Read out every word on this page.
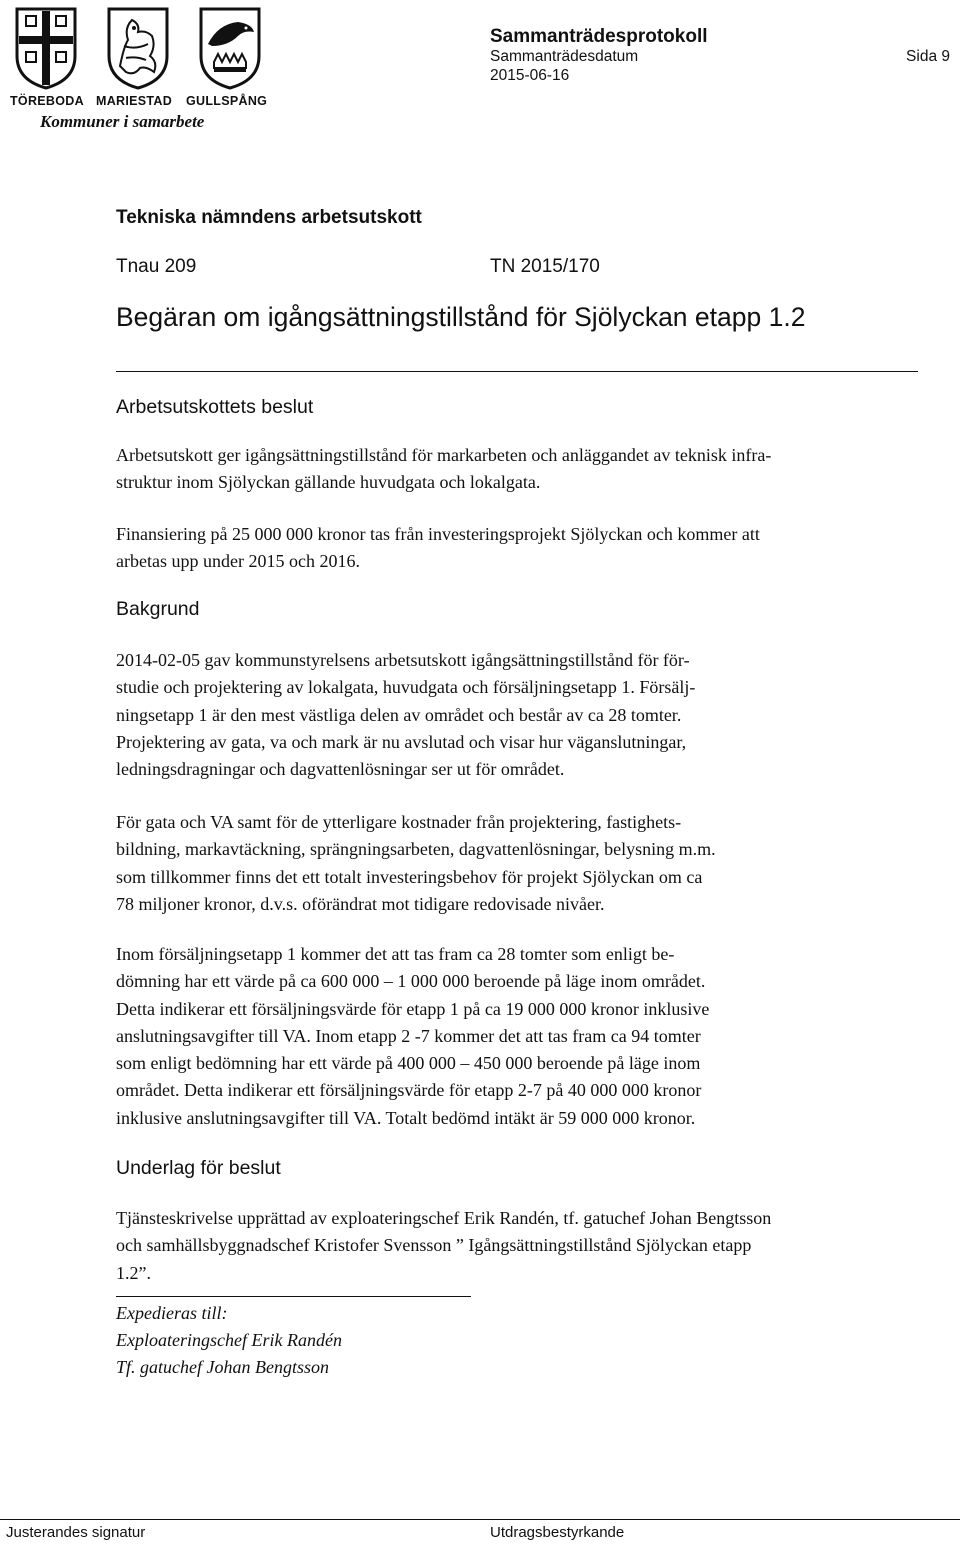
TÖREBODA MARIESTAD GULLSPÅNG
Kommuner i samarbete
Sammanträdesprotokoll
Sammanträdesdatum
2015-06-16
Sida 9
Tekniska nämndens arbetsutskott
Tnau 209	TN 2015/170
Begäran om igångsättningstillstånd för Sjölyckan etapp 1.2
Arbetsutskottets beslut
Arbetsutskott ger igångsättningstillstånd för markarbeten och anläggandet av teknisk infra-
struktur inom Sjölyckan gällande huvudgata och lokalgata.
Finansiering på 25 000 000 kronor tas från investeringsprojekt Sjölyckan och kommer att
arbetas upp under 2015 och 2016.
Bakgrund
2014-02-05 gav kommunstyrelsens arbetsutskott igångsättningstillstånd för för-
studie och projektering av lokalgata, huvudgata och försäljningsetapp 1. Försälj-
ningsetapp 1 är den mest västliga delen av området och består av ca 28 tomter.
Projektering av gata, va och mark är nu avslutad och visar hur väganslutningar,
ledningsdragningar och dagvattenlösningar ser ut för området.
För gata och VA samt för de ytterligare kostnader från projektering, fastighets-
bildning, markavtäckning, sprängningsarbeten, dagvattenlösningar, belysning m.m.
som tillkommer finns det ett totalt investeringsbehov för projekt Sjölyckan om ca
78 miljoner kronor, d.v.s. oförändrat mot tidigare redovisade nivåer.
Inom försäljningsetapp 1 kommer det att tas fram ca 28 tomter som enligt be-
dömning har ett värde på ca 600 000 – 1 000 000 beroende på läge inom området.
Detta indikerar ett försäljningsvärde för etapp 1 på ca 19 000 000 kronor inklusive
anslutningsavgifter till VA. Inom etapp 2 -7 kommer det att tas fram ca 94 tomter
som enligt bedömning har ett värde på 400 000 – 450 000 beroende på läge inom
området. Detta indikerar ett försäljningsvärde för etapp 2-7 på 40 000 000 kronor
inklusive anslutningsavgifter till VA. Totalt bedömd intäkt är 59 000 000 kronor.
Underlag för beslut
Tjänsteskrivelse upprättad av exploateringschef Erik Randén, tf. gatuchef Johan Bengtsson
och samhällsbyggnadschef Kristofer Svensson ” Igångsättningstillstånd Sjölyckan etapp
1.2”.
Expedieras till:
Exploateringschef Erik Randén
Tf. gatuchef Johan Bengtsson
Justerandes signatur	Utdragsbestyrkande
